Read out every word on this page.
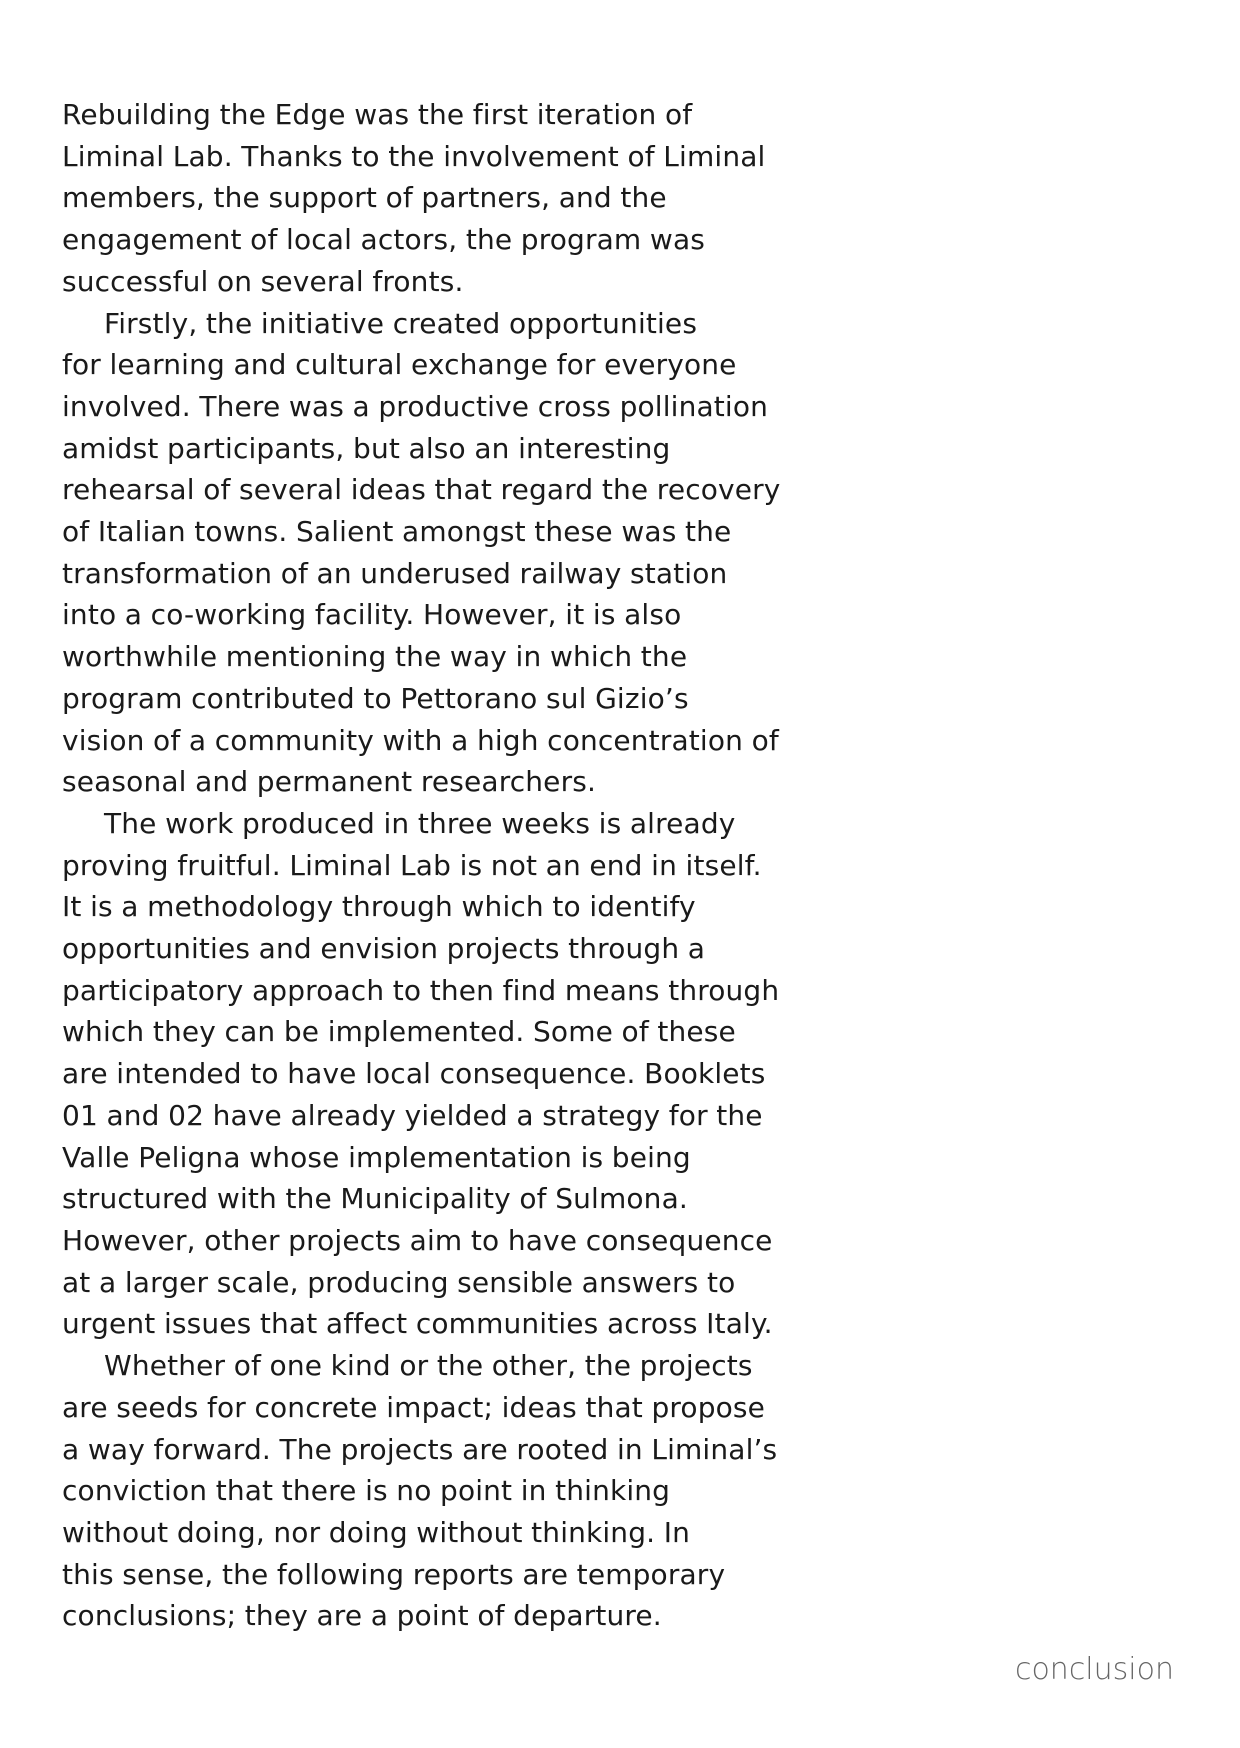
Rebuilding the Edge was the first iteration of
Liminal Lab. Thanks to the involvement of Liminal
members, the support of partners, and the
engagement of local actors, the program was
successful on several fronts.
Firstly, the initiative created opportunities
for learning and cultural exchange for everyone
involved. There was a productive cross pollination
amidst participants, but also an interesting
rehearsal of several ideas that regard the recovery
of Italian towns. Salient amongst these was the
transformation of an underused railway station
into a co-working facility. However, it is also
worthwhile mentioning the way in which the
program contributed to Pettorano sul Gizio’s
vision of a community with a high concentration of
seasonal and permanent researchers.
The work produced in three weeks is already
proving fruitful. Liminal Lab is not an end in itself.
It is a methodology through which to identify
opportunities and envision projects through a
participatory approach to then find means through
which they can be implemented. Some of these
are intended to have local consequence. Booklets
01 and 02 have already yielded a strategy for the
Valle Peligna whose implementation is being
structured with the Municipality of Sulmona.
However, other projects aim to have consequence
at a larger scale, producing sensible answers to
urgent issues that affect communities across Italy.
Whether of one kind or the other, the projects
are seeds for concrete impact; ideas that propose
a way forward. The projects are rooted in Liminal’s
conviction that there is no point in thinking
without doing, nor doing without thinking. In
this sense, the following reports are temporary
conclusions; they are a point of departure.
conclusion
